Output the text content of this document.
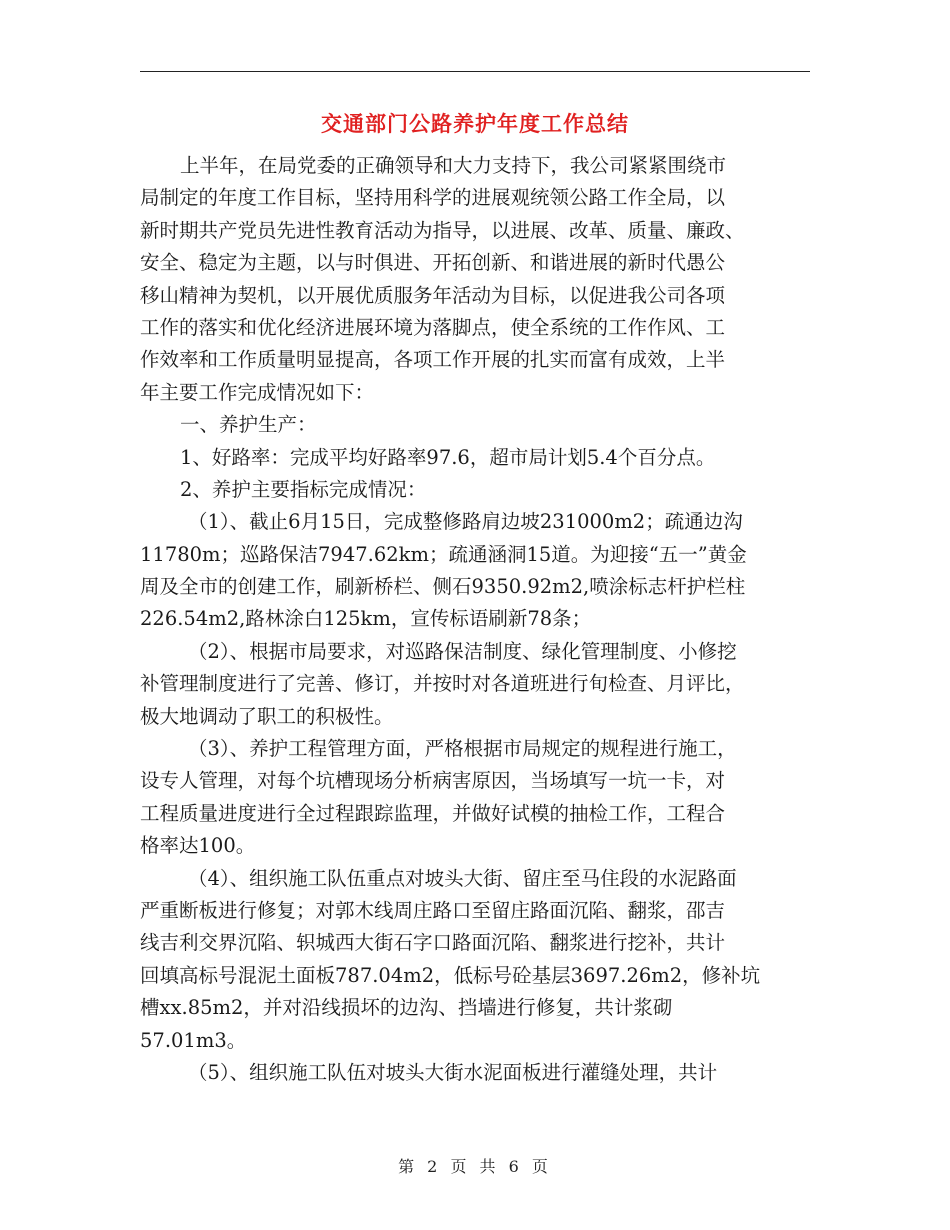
交通部门公路养护年度工作总结
上半年，在局党委的正确领导和大力支持下，我公司紧紧围绕市
局制定的年度工作目标，坚持用科学的进展观统领公路工作全局，以
新时期共产党员先进性教育活动为指导，以进展、改革、质量、廉政、
安全、稳定为主题，以与时俱进、开拓创新、和谐进展的新时代愚公
移山精神为契机，以开展优质服务年活动为目标，以促进我公司各项
工作的落实和优化经济进展环境为落脚点，使全系统的工作作风、工
作效率和工作质量明显提高，各项工作开展的扎实而富有成效，上半
年主要工作完成情况如下：
一、养护生产：
1、好路率：完成平均好路率97.6，超市局计划5.4个百分点。
2、养护主要指标完成情况：
（1）、截止6月15日，完成整修路肩边坡231000m2；疏通边沟
11780m；巡路保洁7947.62km；疏通涵洞15道。为迎接“五一”黄金
周及全市的创建工作，刷新桥栏、侧石9350.92m2,喷涂标志杆护栏柱
226.54m2,路林涂白125km，宣传标语刷新78条；
（2）、根据市局要求，对巡路保洁制度、绿化管理制度、小修挖
补管理制度进行了完善、修订，并按时对各道班进行旬检查、月评比，
极大地调动了职工的积极性。
（3）、养护工程管理方面，严格根据市局规定的规程进行施工，
设专人管理，对每个坑槽现场分析病害原因，当场填写一坑一卡，对
工程质量进度进行全过程跟踪监理，并做好试模的抽检工作，工程合
格率达100。
（4）、组织施工队伍重点对坡头大街、留庄至马住段的水泥路面
严重断板进行修复；对郭木线周庄路口至留庄路面沉陷、翻浆，邵吉
线吉利交界沉陷、轵城西大街石字口路面沉陷、翻浆进行挖补，共计
回填高标号混泥土面板787.04m2，低标号砼基层3697.26m2，修补坑
槽xx.85m2，并对沿线损坏的边沟、挡墙进行修复，共计浆砌
57.01m3。
（5）、组织施工队伍对坡头大街水泥面板进行灌缝处理，共计
第 2 页 共 6 页
